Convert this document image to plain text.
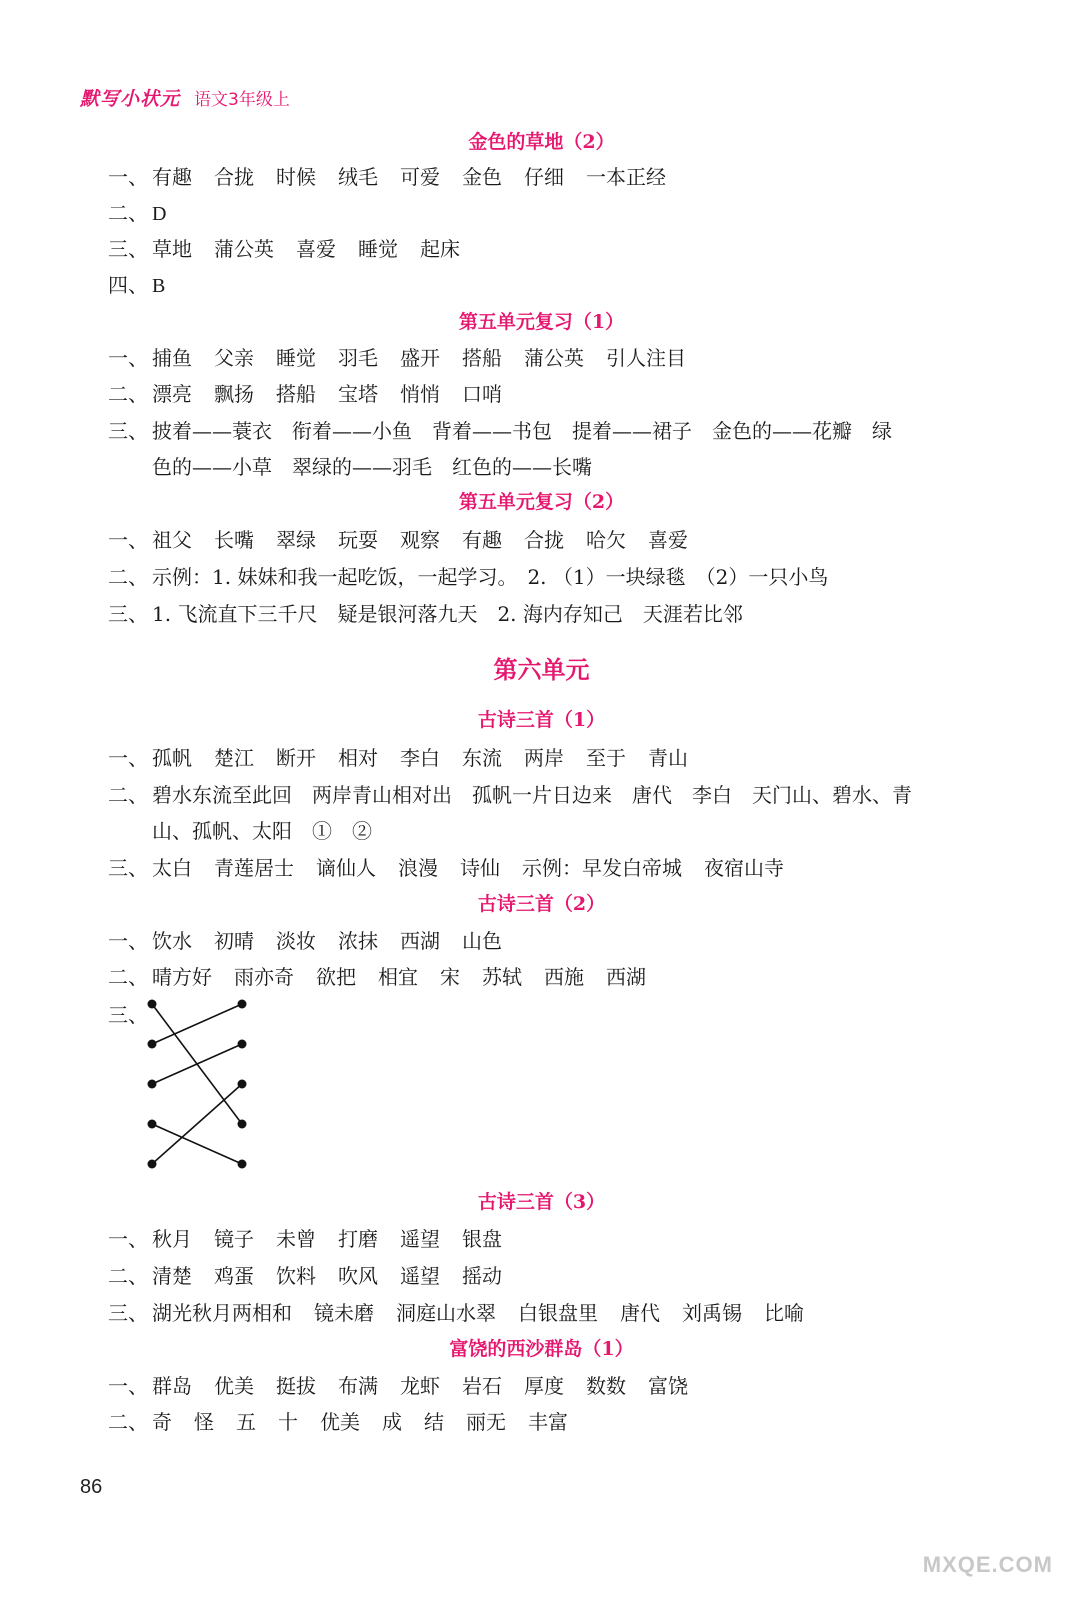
默写小状元 语文3年级上
金色的草地（2）
一、 有趣 合拢 时候 绒毛 可爱 金色 仔细 一本正经
二、 D
三、 草地 蒲公英 喜爱 睡觉 起床
四、 B
第五单元复习（1）
一、 捕鱼 父亲 睡觉 羽毛 盛开 搭船 蒲公英 引人注目
二、 漂亮 飘扬 搭船 宝塔 悄悄 口哨
三、 披着——蓑衣　衔着——小鱼　背着——书包　提着——裙子　金色的——花瓣　绿
色的——小草　翠绿的——羽毛　红色的——长嘴
第五单元复习（2）
一、 祖父 长嘴 翠绿 玩耍 观察 有趣 合拢 哈欠 喜爱
二、 示例：1. 妹妹和我一起吃饭，一起学习。　2. （1）一块绿毯　（2）一只小鸟
三、 1. 飞流直下三千尺　疑是银河落九天　2. 海内存知己　天涯若比邻
第六单元
古诗三首（1）
一、 孤帆 楚江 断开 相对 李白 东流 两岸 至于 青山
二、 碧水东流至此回　两岸青山相对出　孤帆一片日边来　唐代　李白　天门山、碧水、青
山、孤帆、太阳　①　②
三、 太白 青莲居士 谪仙人 浪漫 诗仙 示例：早发白帝城 夜宿山寺
古诗三首（2）
一、 饮水 初晴 淡妆 浓抹 西湖 山色
二、 晴方好 雨亦奇 欲把 相宜 宋 苏轼 西施 西湖
三、
古诗三首（3）
一、 秋月 镜子 未曾 打磨 遥望 银盘
二、 清楚 鸡蛋 饮料 吹风 遥望 摇动
三、 湖光秋月两相和 镜未磨 洞庭山水翠 白银盘里 唐代 刘禹锡 比喻
富饶的西沙群岛（1）
一、 群岛 优美 挺拔 布满 龙虾 岩石 厚度 数数 富饶
二、 奇 怪 五 十 优美 成 结 丽无 丰富
86
MXQE.COM
